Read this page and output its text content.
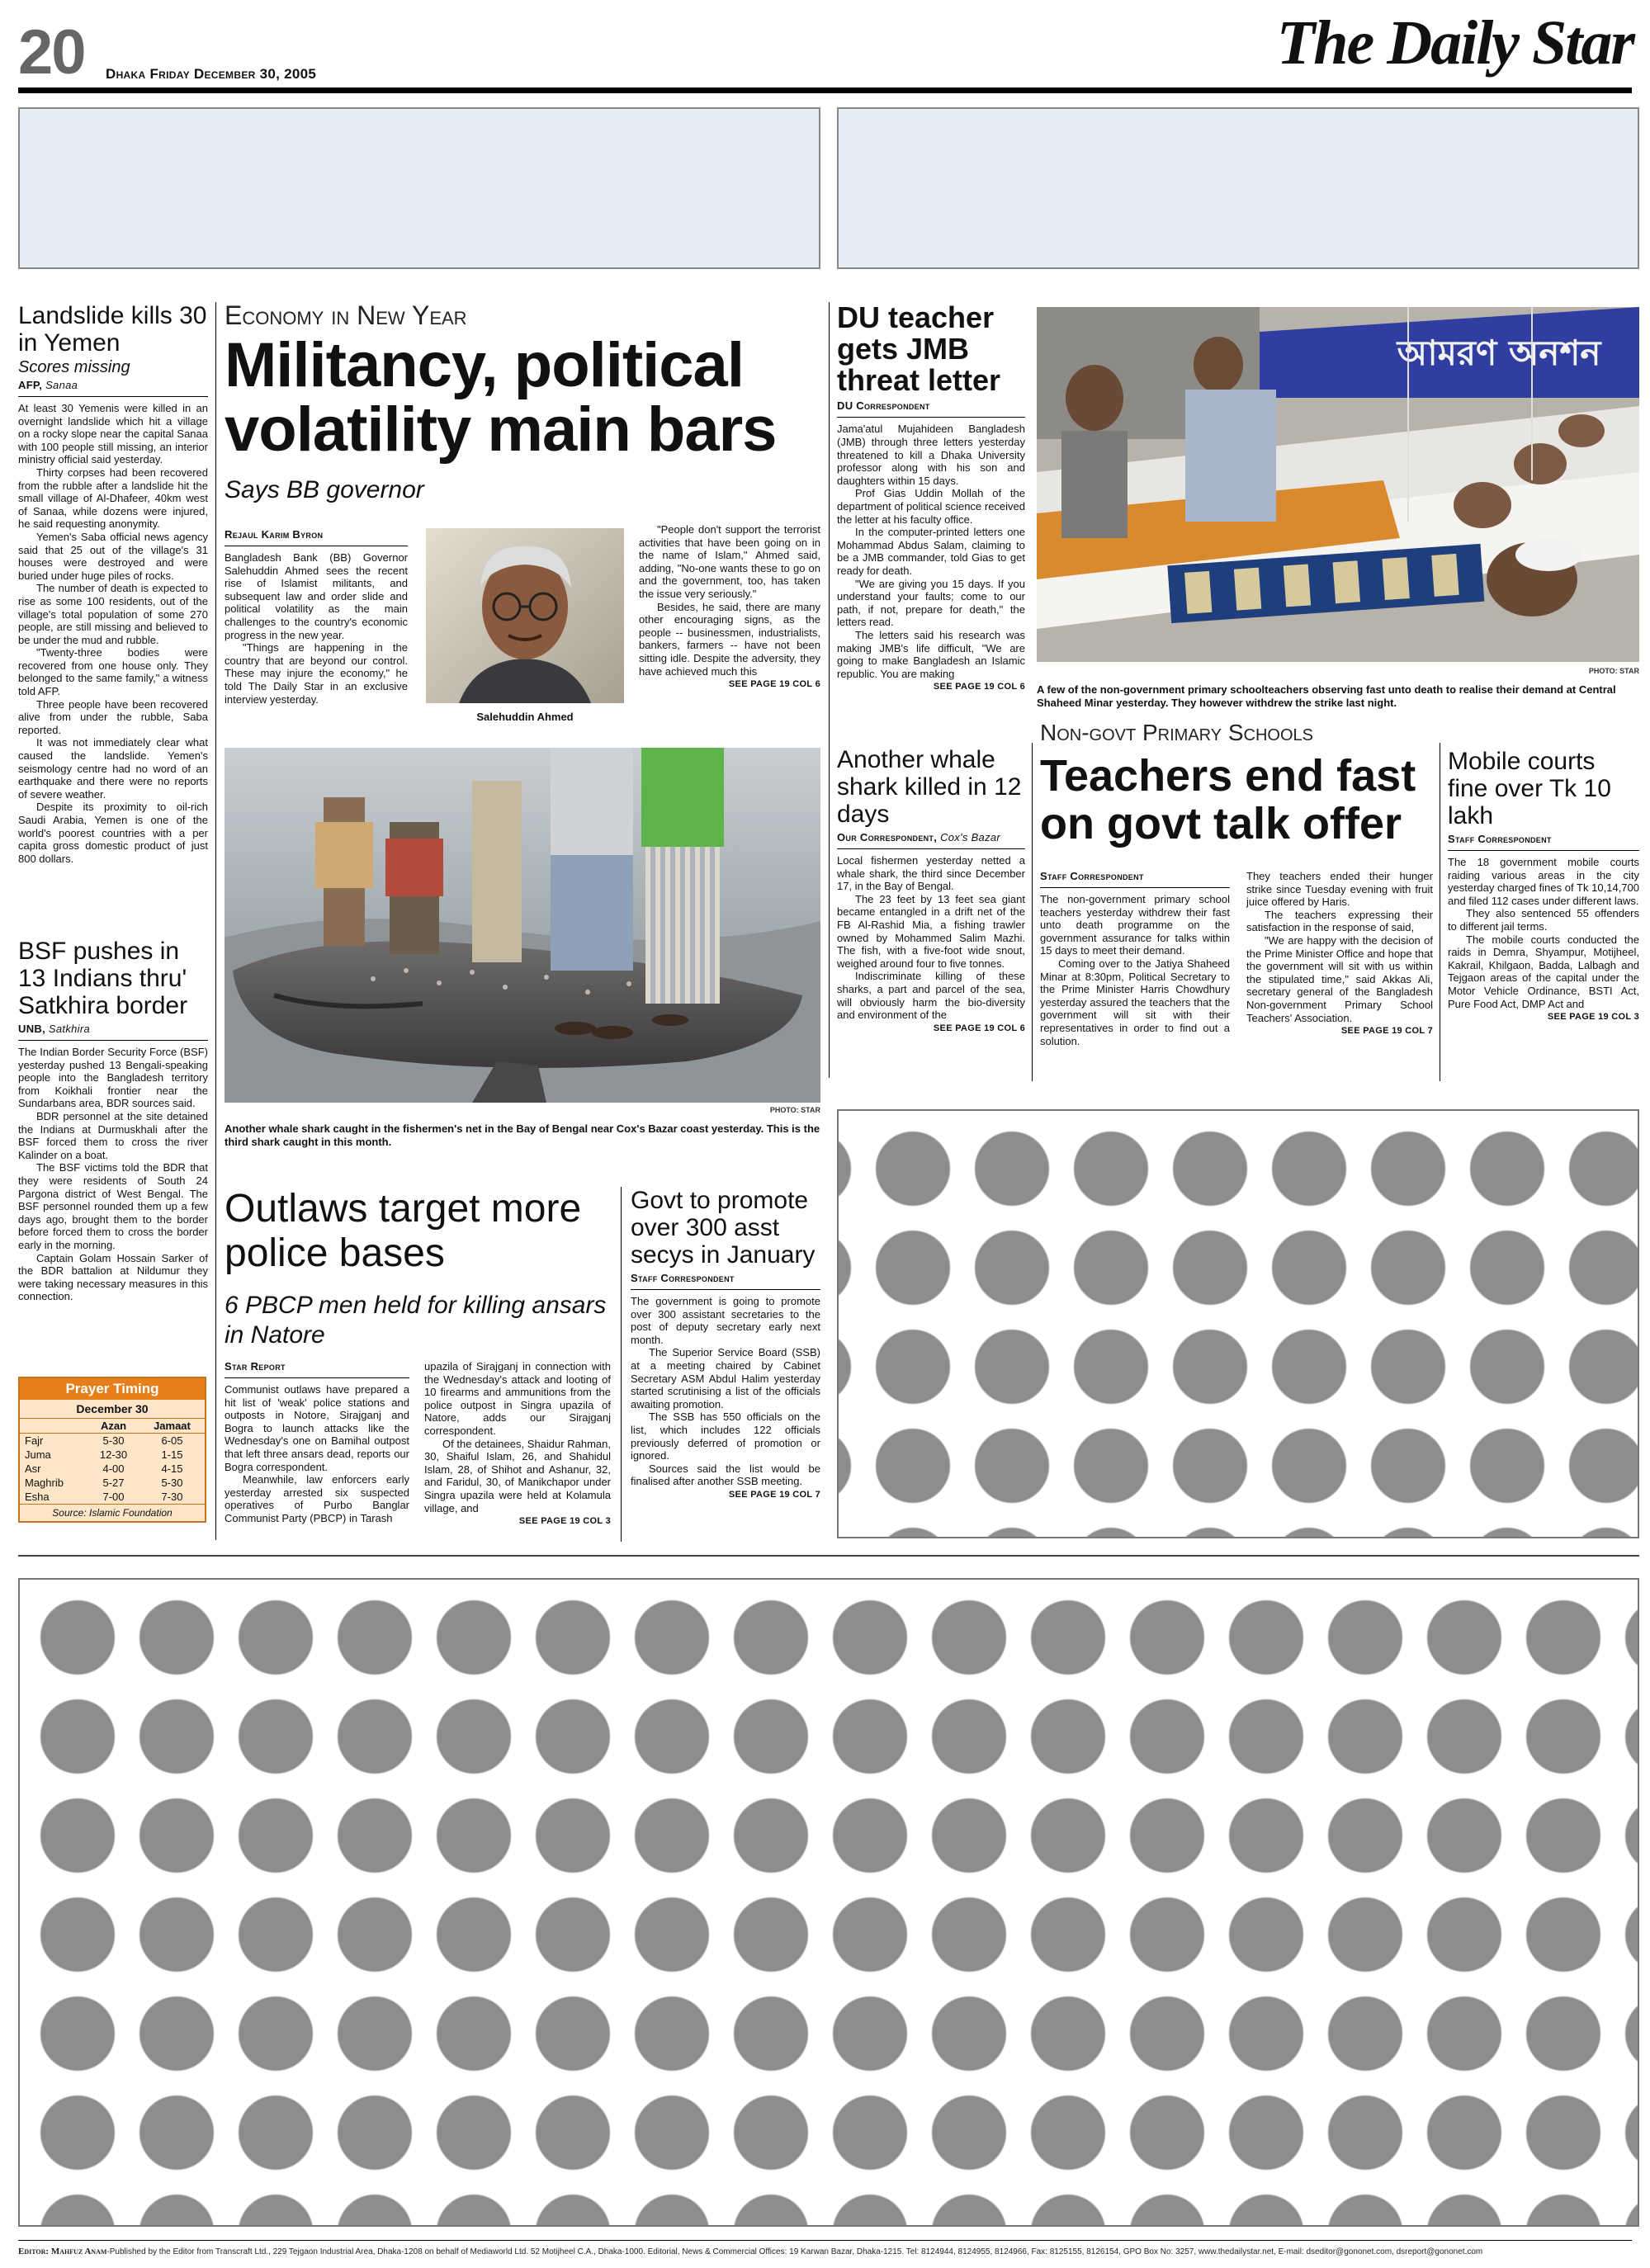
20 Dhaka Friday December 30, 2005	The Daily Star
Landslide kills 30 in Yemen
Scores missing
AFP, Sanaa

At least 30 Yemenis were killed in an overnight landslide which hit a village on a rocky slope near the capital Sanaa with 100 people still missing, an interior ministry official said yesterday.

Thirty corpses had been recovered from the rubble after a landslide hit the small village of Al-Dhafeer, 40km west of Sanaa, while dozens were injured, he said requesting anonymity.

Yemen's Saba official news agency said that 25 out of the village's 31 houses were destroyed and were buried under huge piles of rocks.

The number of death is expected to rise as some 100 residents, out of the village's total population of some 270 people, are still missing and believed to be under the mud and rubble.

"Twenty-three bodies were recovered from one house only. They belonged to the same family," a witness told AFP.

Three people have been recovered alive from under the rubble, Saba reported.

It was not immediately clear what caused the landslide. Yemen's seismology centre had no word of an earthquake and there were no reports of severe weather.

Despite its proximity to oil-rich Saudi Arabia, Yemen is one of the world's poorest countries with a per capita gross domestic product of just 800 dollars.

BSF pushes in 13 Indians thru' Satkhira border
UNB, Satkhira

The Indian Border Security Force (BSF) yesterday pushed 13 Bengali-speaking people into the Bangladesh territory from Koikhali frontier near the Sundarbans area, BDR sources said.

BDR personnel at the site detained the Indians at Durmuskhali after the BSF forced them to cross the river Kalinder on a boat.

The BSF victims told the BDR that they were residents of South 24 Pargona district of West Bengal. The BSF personnel rounded them up a few days ago, brought them to the border before forced them to cross the border early in the morning.

Captain Golam Hossain Sarker of the BDR battalion at Nildumur they were taking necessary measures in this connection.

Prayer Timing
December 30
	Azan	Jamaat
Fajr	5-30	6-05
Juma	12-30	1-15
Asr	4-00	4-15
Maghrib	5-27	5-30
Esha	7-00	7-30
Source: Islamic Foundation
Economy in New Year
Militancy, political volatility main bars
Says BB governor
Rejaul Karim Byron

Bangladesh Bank (BB) Governor Salehuddin Ahmed sees the recent rise of Islamist militants, and subsequent law and order slide and political volatility as the main challenges to the country's economic progress in the new year.

"Things are happening in the country that are beyond our control. These may injure the economy," he told The Daily Star in an exclusive interview yesterday.

Salehuddin Ahmed

"People don't support the terrorist activities that have been going on in the name of Islam," Ahmed said, adding, "No-one wants these to go on and the government, too, has taken the issue very seriously."

Besides, he said, there are many other encouraging signs, as the people -- businessmen, industrialists, bankers, farmers -- have not been sitting idle. Despite the adversity, they have achieved much this

SEE PAGE 19 COL 6
PHOTO: STAR
Another whale shark caught in the fishermen's net in the Bay of Bengal near Cox's Bazar coast yesterday. This is the third shark caught in this month.
Outlaws target more police bases
6 PBCP men held for killing ansars in Natore
Star Report

Communist outlaws have prepared a hit list of 'weak' police stations and outposts in Notore, Sirajganj and Bogra to launch attacks like the Wednesday's one on Bamihal outpost that left three ansars dead, reports our Bogra correspondent.

Meanwhile, law enforcers early yesterday arrested six suspected operatives of Purbo Banglar Communist Party (PBCP) in Tarash

upazila of Sirajganj in connection with the Wednesday's attack and looting of 10 firearms and ammunitions from the police outpost in Singra upazila of Natore, adds our Sirajganj correspondent.

Of the detainees, Shaidur Rahman, 30, Shaiful Islam, 26, and Shahidul Islam, 28, of Shihot and Ashanur, 32, and Faridul, 30, of Manikchapor under Singra upazila were held at Kolamula village, and

SEE PAGE 19 COL 3
Govt to promote over 300 asst secys in January
Staff Correspondent

The government is going to promote over 300 assistant secretaries to the post of deputy secretary early next month.

The Superior Service Board (SSB) at a meeting chaired by Cabinet Secretary ASM Abdul Halim yesterday started scrutinising a list of the officials awaiting promotion.

The SSB has 550 officials on the list, which includes 122 officials previously deferred of promotion or ignored.

Sources said the list would be finalised after another SSB meeting.

SEE PAGE 19 COL 7
DU teacher gets JMB threat letter
DU Correspondent

Jama'atul Mujahideen Bangladesh (JMB) through three letters yesterday threatened to kill a Dhaka University professor along with his son and daughters within 15 days.

Prof Gias Uddin Mollah of the department of political science received the letter at his faculty office.

In the computer-printed letters one Mohammad Abdus Salam, claiming to be a JMB commander, told Gias to get ready for death.

"We are giving you 15 days. If you understand your faults; come to our path, if not, prepare for death," the letters read.

The letters said his research was making JMB's life difficult, "We are going to make Bangladesh an Islamic republic. You are making

SEE PAGE 19 COL 6
আমরণ অনশন
PHOTO: STAR
A few of the non-government primary schoolteachers observing fast unto death to realise their demand at Central Shaheed Minar yesterday. They however withdrew the strike last night.
Another whale shark killed in 12 days
Our Correspondent, Cox's Bazar

Local fishermen yesterday netted a whale shark, the third since December 17, in the Bay of Bengal.

The 23 feet by 13 feet sea giant became entangled in a drift net of the FB Al-Rashid Mia, a fishing trawler owned by Mohammed Salim Mazhi. The fish, with a five-foot wide snout, weighed around four to five tonnes.

Indiscriminate killing of these sharks, a part and parcel of the sea, will obviously harm the bio-diversity and environment of the

SEE PAGE 19 COL 6
Non-govt Primary Schools
Teachers end fast on govt talk offer
Staff Correspondent

The non-government primary school teachers yesterday withdrew their fast unto death programme on the government assurance for talks within 15 days to meet their demand.

Coming over to the Jatiya Shaheed Minar at 8:30pm, Political Secretary to the Prime Minister Harris Chowdhury yesterday assured the teachers that the government will sit with their representatives in order to find out a solution.

They teachers ended their hunger strike since Tuesday evening with fruit juice offered by Haris.

The teachers expressing their satisfaction in the response of said,

"We are happy with the decision of the Prime Minister Office and hope that the government will sit with us within the stipulated time," said Akkas Ali, secretary general of the Bangladesh Non-government Primary School Teachers' Association.

SEE PAGE 19 COL 7
Mobile courts fine over Tk 10 lakh
Staff Correspondent

The 18 government mobile courts raiding various areas in the city yesterday charged fines of Tk 10,14,700 and filed 112 cases under different laws.

They also sentenced 55 offenders to different jail terms.

The mobile courts conducted the raids in Demra, Shyampur, Motijheel, Kakrail, Khilgaon, Badda, Lalbagh and Tejgaon areas of the capital under the Motor Vehicle Ordinance, BSTI Act, Pure Food Act, DMP Act and

SEE PAGE 19 COL 3
Editor: Mahfuz Anam-Published by the Editor from Transcraft Ltd., 229 Tejgaon Industrial Area, Dhaka-1208 on behalf of Mediaworld Ltd. 52 Motijheel C.A., Dhaka-1000. Editorial, News & Commercial Offices: 19 Karwan Bazar, Dhaka-1215. Tel: 8124944, 8124955, 8124966, Fax: 8125155, 8126154, GPO Box No: 3257, www.thedailystar.net, E-mail: dseditor@gononet.com, dsreport@gononet.com
